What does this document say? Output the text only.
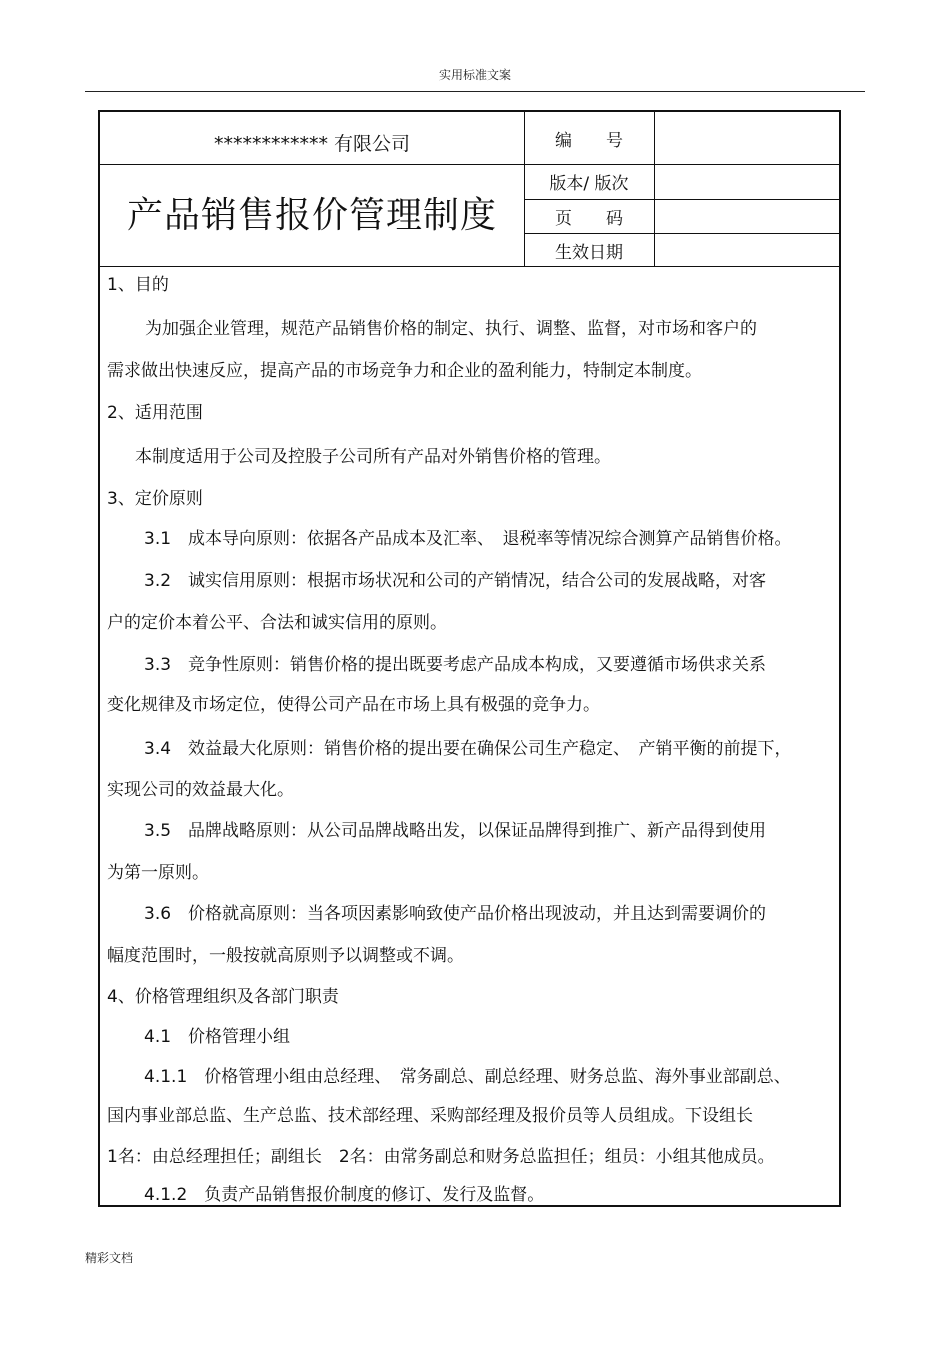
实用标准文案
************ 有限公司
产品销售报价管理制度
编　　号
版本/ 版次
页　　码
生效日期

1、目的

为加强企业管理，规范产品销售价格的制定、执行、调整、监督，对市场和客户的

需求做出快速反应，提高产品的市场竞争力和企业的盈利能力，特制定本制度。

2、适用范围

本制度适用于公司及控股子公司所有产品对外销售价格的管理。

3、定价原则

3.1　成本导向原则：依据各产品成本及汇率、　退税率等情况综合测算产品销售价格。

3.2　诚实信用原则：根据市场状况和公司的产销情况，结合公司的发展战略，对客

户的定价本着公平、合法和诚实信用的原则。

3.3　竞争性原则：销售价格的提出既要考虑产品成本构成，又要遵循市场供求关系

变化规律及市场定位，使得公司产品在市场上具有极强的竞争力。

3.4　效益最大化原则：销售价格的提出要在确保公司生产稳定、　产销平衡的前提下，

实现公司的效益最大化。

3.5　品牌战略原则：从公司品牌战略出发，以保证品牌得到推广、新产品得到使用

为第一原则。

3.6　价格就高原则：当各项因素影响致使产品价格出现波动，并且达到需要调价的

幅度范围时，一般按就高原则予以调整或不调。

4、价格管理组织及各部门职责

4.1　价格管理小组

4.1.1　价格管理小组由总经理、　常务副总、副总经理、财务总监、海外事业部副总、

国内事业部总监、生产总监、技术部经理、采购部经理及报价员等人员组成。下设组长

1名：由总经理担任；副组长　2名：由常务副总和财务总监担任；组员：小组其他成员。

4.1.2　负责产品销售报价制度的修订、发行及监督。

精彩文档
